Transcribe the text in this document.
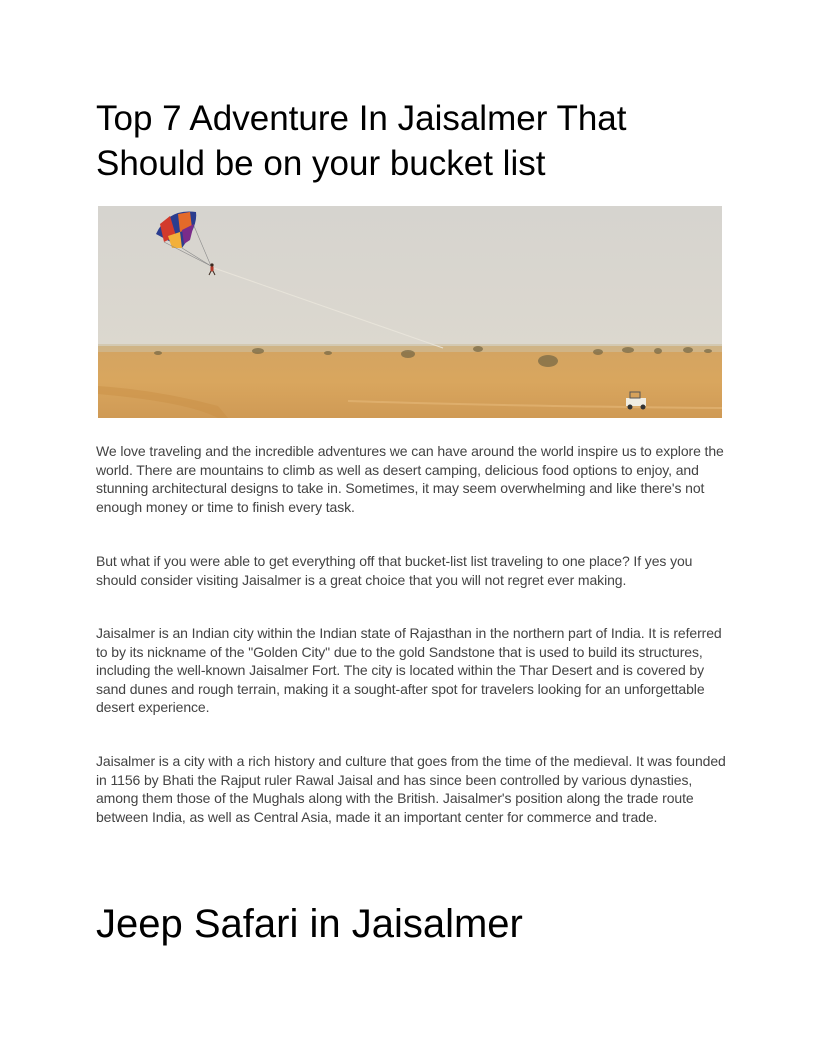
Top 7 Adventure In Jaisalmer That Should be on your bucket list

We love traveling and the incredible adventures we can have around the world inspire us to explore the world. There are mountains to climb as well as desert camping, delicious food options to enjoy, and stunning architectural designs to take in. Sometimes, it may seem overwhelming and like there's not enough money or time to finish every task.

But what if you were able to get everything off that bucket-list list traveling to one place? If yes you should consider visiting Jaisalmer is a great choice that you will not regret ever making.

Jaisalmer is an Indian city within the Indian state of Rajasthan in the northern part of India. It is referred to by its nickname of the "Golden City" due to the gold Sandstone that is used to build its structures, including the well-known Jaisalmer Fort. The city is located within the Thar Desert and is covered by sand dunes and rough terrain, making it a sought-after spot for travelers looking for an unforgettable desert experience.

Jaisalmer is a city with a rich history and culture that goes from the time of the medieval. It was founded in 1156 by Bhati the Rajput ruler Rawal Jaisal and has since been controlled by various dynasties, among them those of the Mughals along with the British. Jaisalmer's position along the trade route between India, as well as Central Asia, made it an important center for commerce and trade.

Jeep Safari in Jaisalmer
